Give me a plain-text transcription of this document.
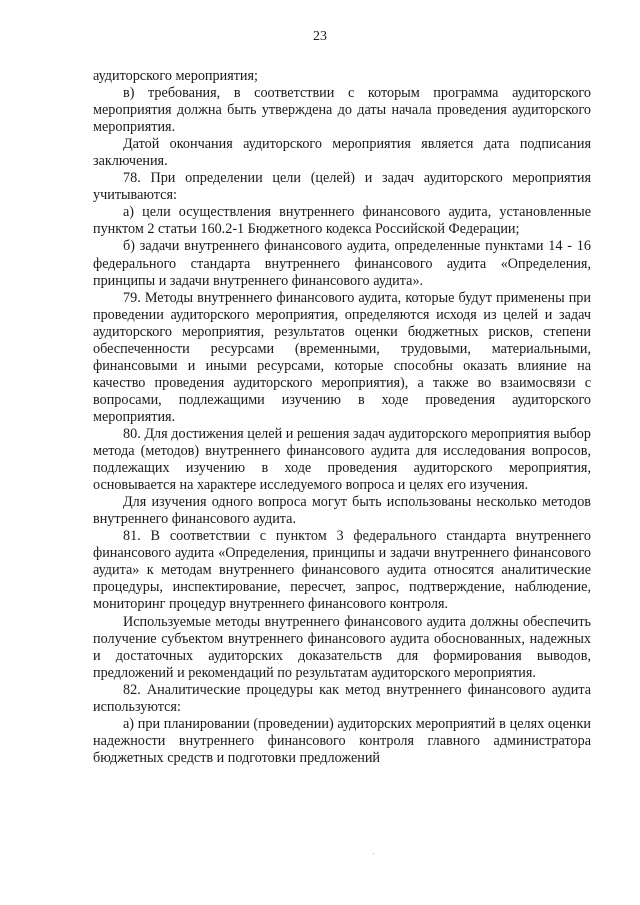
23

аудиторского мероприятия;

в) требования, в соответствии с которым программа аудиторского мероприятия должна быть утверждена до даты начала проведения аудиторского мероприятия.

Датой окончания аудиторского мероприятия является дата подписания заключения.

78. При определении цели (целей) и задач аудиторского мероприятия учитываются:

а) цели осуществления внутреннего финансового аудита, установленные пунктом 2 статьи 160.2-1 Бюджетного кодекса Российской Федерации;

б) задачи внутреннего финансового аудита, определенные пунктами 14 - 16 федерального стандарта внутреннего финансового аудита «Определения, принципы и задачи внутреннего финансового аудита».

79. Методы внутреннего финансового аудита, которые будут применены при проведении аудиторского мероприятия, определяются исходя из целей и задач аудиторского мероприятия, результатов оценки бюджетных рисков, степени обеспеченности ресурсами (временными, трудовыми, материальными, финансовыми и иными ресурсами, которые способны оказать влияние на качество проведения аудиторского мероприятия), а также во взаимосвязи с вопросами, подлежащими изучению в ходе проведения аудиторского мероприятия.

80. Для достижения целей и решения задач аудиторского мероприятия выбор метода (методов) внутреннего финансового аудита для исследования вопросов, подлежащих изучению в ходе проведения аудиторского мероприятия, основывается на характере исследуемого вопроса и целях его изучения.

Для изучения одного вопроса могут быть использованы несколько методов внутреннего финансового аудита.

81. В соответствии с пунктом 3 федерального стандарта внутреннего финансового аудита «Определения, принципы и задачи внутреннего финансового аудита» к методам внутреннего финансового аудита относятся аналитические процедуры, инспектирование, пересчет, запрос, подтверждение, наблюдение, мониторинг процедур внутреннего финансового контроля.

Используемые методы внутреннего финансового аудита должны обеспечить получение субъектом внутреннего финансового аудита обоснованных, надежных и достаточных аудиторских доказательств для формирования выводов, предложений и рекомендаций по результатам аудиторского мероприятия.

82. Аналитические процедуры как метод внутреннего финансового аудита используются:

а) при планировании (проведении) аудиторских мероприятий в целях оценки надежности внутреннего финансового контроля главного администратора бюджетных средств и подготовки предложений

·
